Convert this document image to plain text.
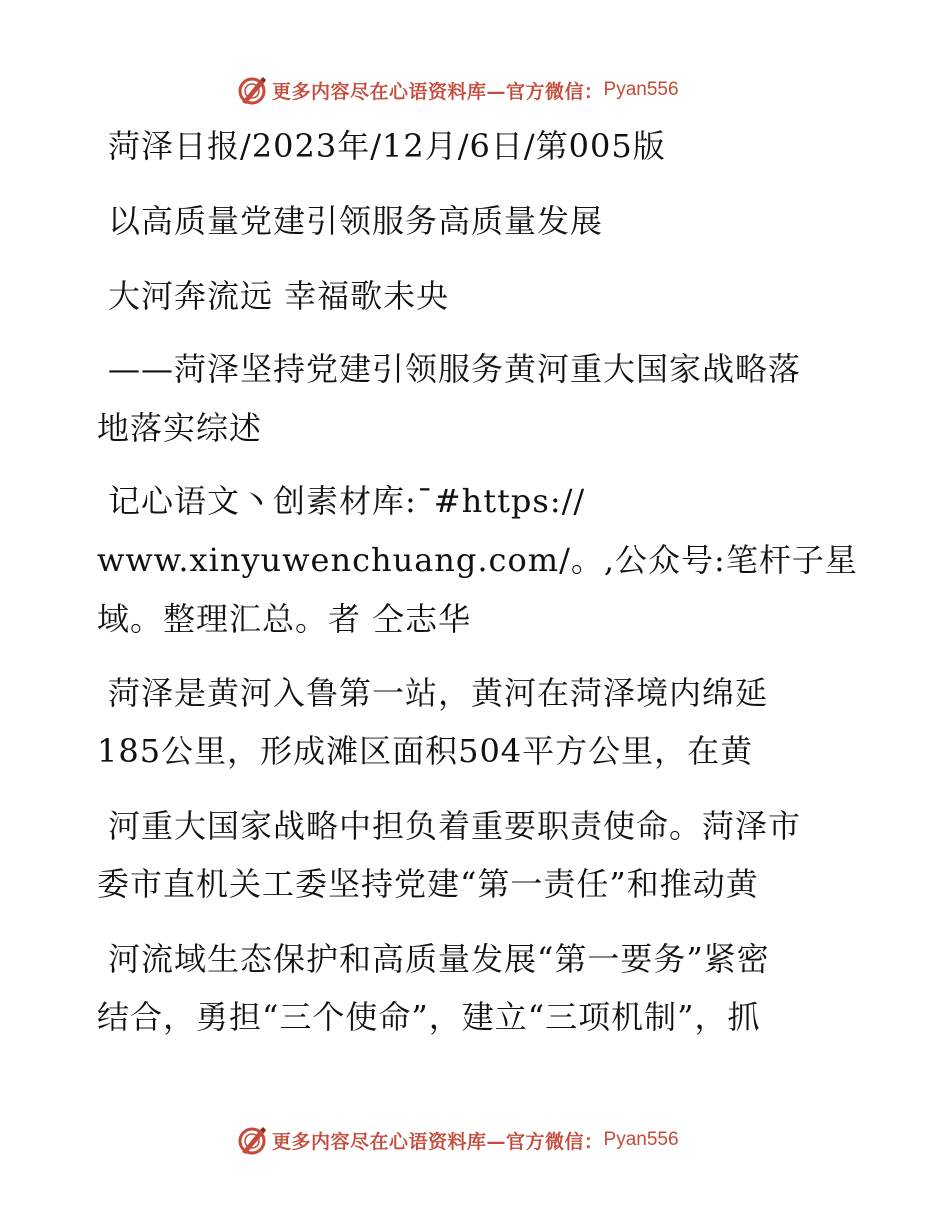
更多内容尽在心语资料库—官方微信： Pyan556
菏泽日报/2023年/12月/6日/第005版
以高质量党建引领服务高质量发展
大河奔流远 幸福歌未央
——菏泽坚持党建引领服务黄河重大国家战略落
地落实综述
记心语文丶创素材库:¯#https://
www.xinyuwenchuang.com/。,公众号:笔杆子星
域。整理汇总。者 仝志华
菏泽是黄河入鲁第一站，黄河在菏泽境内绵延
185公里，形成滩区面积504平方公里，在黄
河重大国家战略中担负着重要职责使命。菏泽市
委市直机关工委坚持党建“第一责任”和推动黄
河流域生态保护和高质量发展“第一要务”紧密
结合，勇担“三个使命”，建立“三项机制”，抓
更多内容尽在心语资料库—官方微信： Pyan556
